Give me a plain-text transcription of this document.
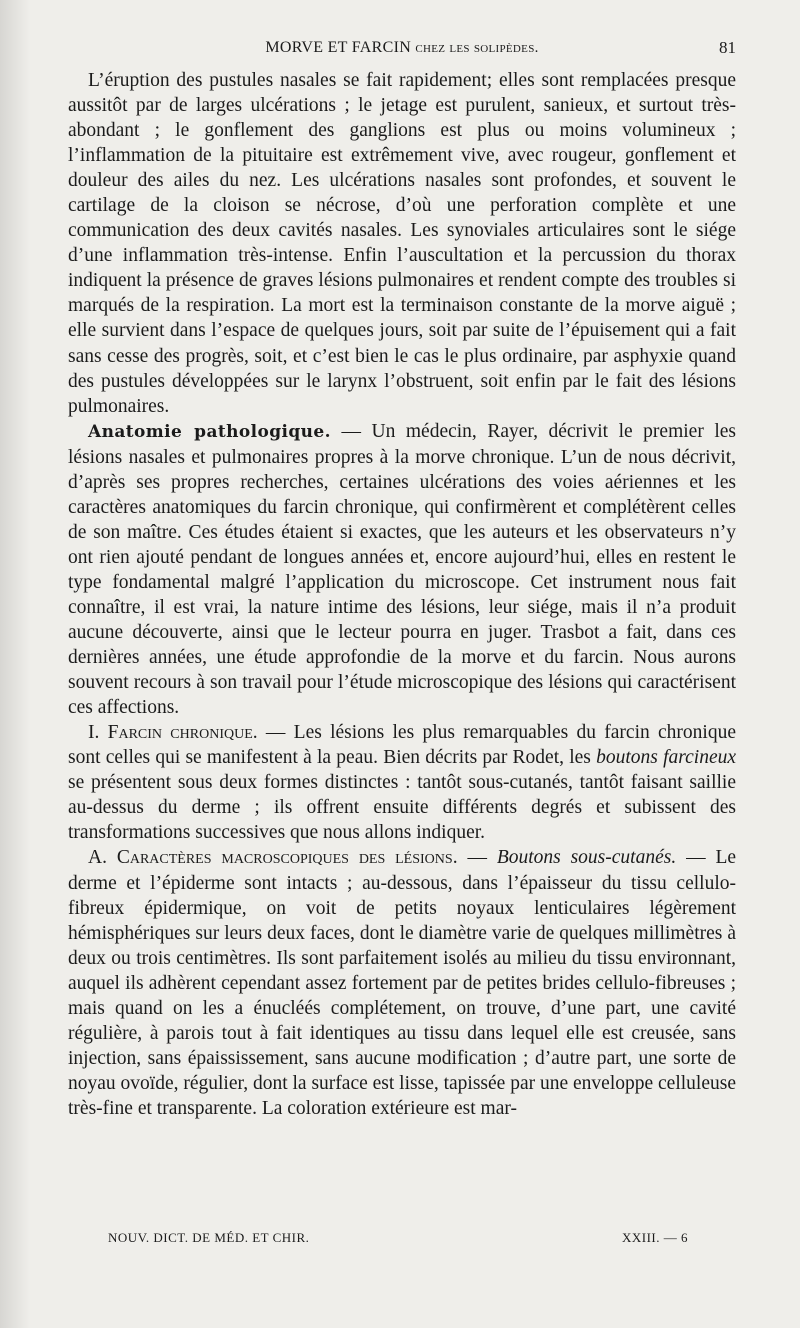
MORVE ET FARCIN chez les solipèdes.	81

L’éruption des pustules nasales se fait rapidement; elles sont remplacées presque aussitôt par de larges ulcérations ; le jetage est purulent, sanieux, et surtout très-abondant ; le gonflement des ganglions est plus ou moins volumineux ; l’inflammation de la pituitaire est extrêmement vive, avec rougeur, gonflement et douleur des ailes du nez. Les ulcérations nasales sont profondes, et souvent le cartilage de la cloison se nécrose, d’où une perforation complète et une communication des deux cavités nasales. Les synoviales articulaires sont le siége d’une inflammation très-intense. Enfin l’auscultation et la percussion du thorax indiquent la présence de graves lésions pulmonaires et rendent compte des troubles si marqués de la respiration. La mort est la terminaison constante de la morve aiguë ; elle survient dans l’espace de quelques jours, soit par suite de l’épuisement qui a fait sans cesse des progrès, soit, et c’est bien le cas le plus ordinaire, par asphyxie quand des pustules développées sur le larynx l’obstruent, soit enfin par le fait des lésions pulmonaires.

Anatomie pathologique. — Un médecin, Rayer, décrivit le premier les lésions nasales et pulmonaires propres à la morve chronique. L’un de nous décrivit, d’après ses propres recherches, certaines ulcérations des voies aériennes et les caractères anatomiques du farcin chronique, qui confirmèrent et complétèrent celles de son maître. Ces études étaient si exactes, que les auteurs et les observateurs n’y ont rien ajouté pendant de longues années et, encore aujourd’hui, elles en restent le type fondamental malgré l’application du microscope. Cet instrument nous fait connaître, il est vrai, la nature intime des lésions, leur siége, mais il n’a produit aucune découverte, ainsi que le lecteur pourra en juger. Trasbot a fait, dans ces dernières années, une étude approfondie de la morve et du farcin. Nous aurons souvent recours à son travail pour l’étude microscopique des lésions qui caractérisent ces affections.

I. Farcin chronique. — Les lésions les plus remarquables du farcin chronique sont celles qui se manifestent à la peau. Bien décrits par Rodet, les boutons farcineux se présentent sous deux formes distinctes : tantôt sous-cutanés, tantôt faisant saillie au-dessus du derme ; ils offrent ensuite différents degrés et subissent des transformations successives que nous allons indiquer.

A. Caractères macroscopiques des lésions. — Boutons sous-cutanés. — Le derme et l’épiderme sont intacts ; au-dessous, dans l’épaisseur du tissu cellulo-fibreux épidermique, on voit de petits noyaux lenticulaires légèrement hémisphériques sur leurs deux faces, dont le diamètre varie de quelques millimètres à deux ou trois centimètres. Ils sont parfaitement isolés au milieu du tissu environnant, auquel ils adhèrent cependant assez fortement par de petites brides cellulo-fibreuses ; mais quand on les a énucléés complétement, on trouve, d’une part, une cavité régulière, à parois tout à fait identiques au tissu dans lequel elle est creusée, sans injection, sans épaississement, sans aucune modification ; d’autre part, une sorte de noyau ovoïde, régulier, dont la surface est lisse, tapissée par une enveloppe celluleuse très-fine et transparente. La coloration extérieure est mar-

NOUV. DICT. DE MÉD. ET CHIR.	XXIII. — 6
